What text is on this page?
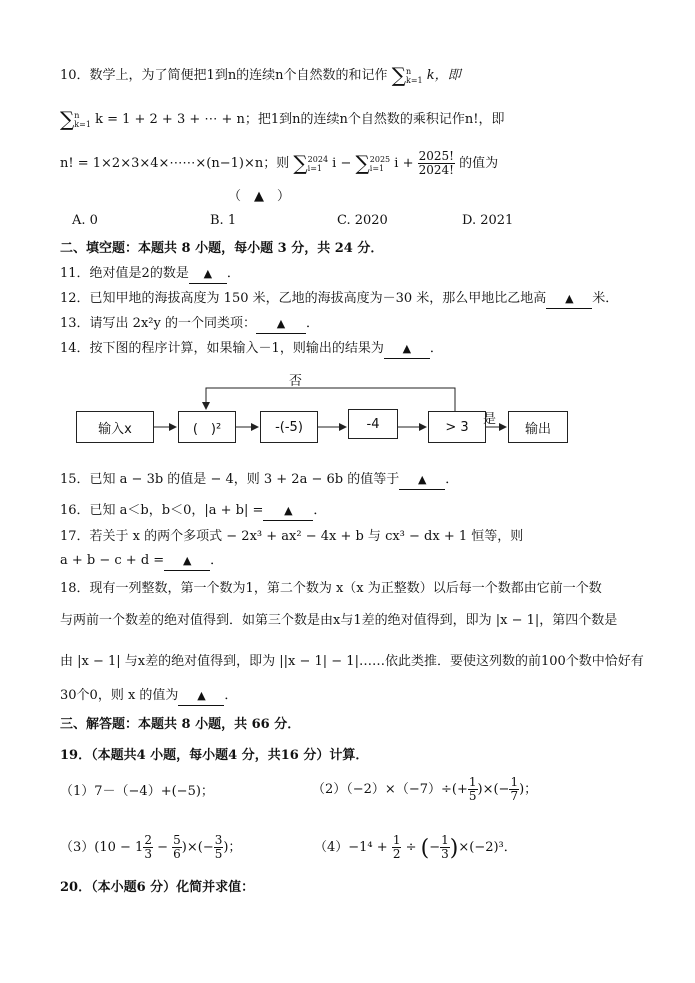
10．数学上，为了简便把1到n的连续n个自然数的和记作 ∑ n
k=1 k，即
∑ n
k=1 k = 1 + 2 + 3 + ⋯ + n；把1到n的连续n个自然数的乘积记作n!，即
n! = 1×2×3×4×⋯⋯×(n−1)×n；则 ∑ 2024
i=1 i − ∑ 2025
i=1 $i + \frac{2025!}{2024!}$ 的值为
（　▲　）
A. 0	B. 1	C. 2020	D. 2021
二、填空题：本题共 8 小题，每小题 3 分，共 24 分．
11．绝对值是2的数是 ▲ ．
12．已知甲地的海拔高度为 150 米，乙地的海拔高度为－30 米，那么甲地比乙地高 ▲ 米．
13．请写出 2x²y 的一个同类项： ▲ ．
14．按下图的程序计算，如果输入－1，则输出的结果为 ▲ ．
否
输入x	(　)²	-(-5)	-4	> 3 是
输出
15．已知 a − 3b 的值是 − 4，则 3 + 2a − 6b 的值等于 ▲ ．
16．已知 a＜b，b＜0，|a + b| = ▲ ．
17．若关于 x 的两个多项式 − 2x³ + ax² − 4x + b 与 cx³ − dx + 1 恒等，则
a + b − c + d = ▲ ．
18．现有一列整数，第一个数为1，第二个数为 x（x 为正整数）以后每一个数都由它前一个数
与两前一个数差的绝对值得到．如第三个数是由x与1差的绝对值得到，即为 |x − 1|，第四个数是
由 |x − 1| 与x差的绝对值得到，即为 ||x − 1| − 1|……依此类推．要使这列数的前100个数中恰好有
30个0，则 x 的值为 ▲ ．
三、解答题：本题共 8 小题，共 66 分．
19．（本题共4 小题，每小题4 分，共16 分）计算．
（1）7－（−4）+(−5)；	$(2)(-2)\times(-7)\div(+ \frac{1}{5}$ )×(− $\frac{1}{7}$ )；
$(3)(10 - 1 \frac{2}{3} - \frac{5}{6}$ )×(− $\frac{3}{5}$ )；	$(4)-1^4 + \frac{1}{2}$ ÷ (− $\frac{1}{3} )\times(-2)^3$．
20．（本小题6 分）化简并求值：
